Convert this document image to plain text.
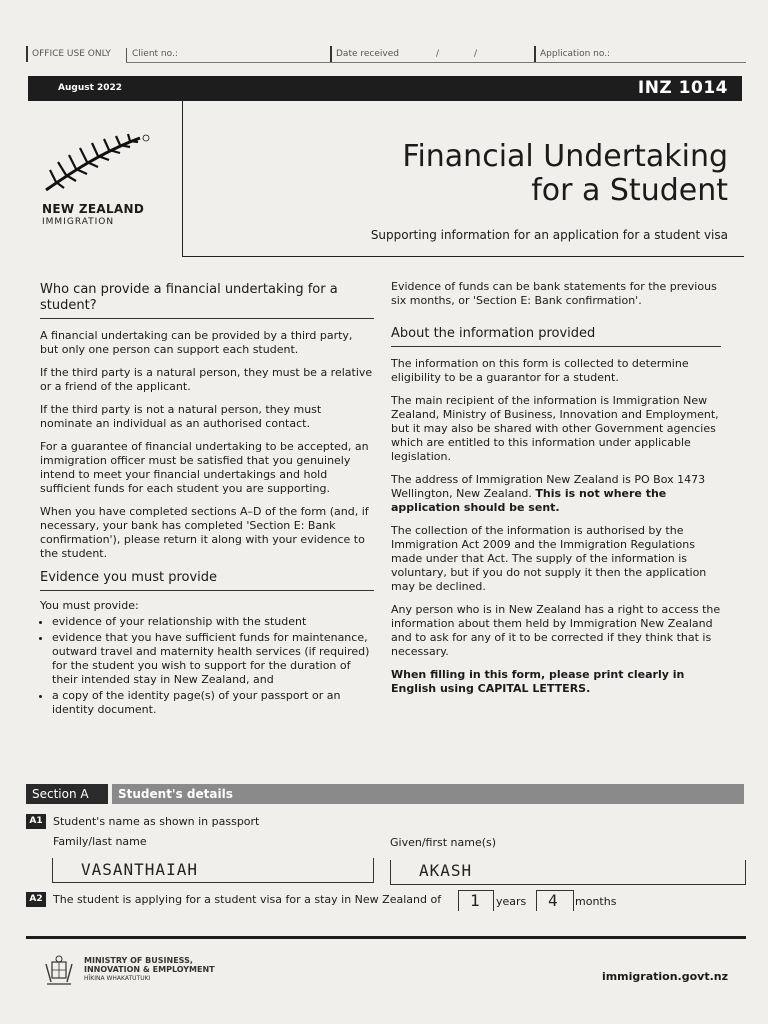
OFFICE USE ONLY Client no.:	Date received	/	/	Application no.:
August 2022	INZ 1014
NEW ZEALAND
IMMIGRATION
Financial Undertaking
for a Student
Supporting information for an application for a student visa
Who can provide a financial undertaking for a student?

A financial undertaking can be provided by a third party, but only one person can support each student.

If the third party is a natural person, they must be a relative or a friend of the applicant.

If the third party is not a natural person, they must nominate an individual as an authorised contact.

For a guarantee of financial undertaking to be accepted, an immigration officer must be satisfied that you genuinely intend to meet your financial undertakings and hold sufficient funds for each student you are supporting.

When you have completed sections A–D of the form (and, if necessary, your bank has completed 'Section E: Bank confirmation'), please return it along with your evidence to the student.

Evidence you must provide

You must provide:

• evidence of your relationship with the student
• evidence that you have sufficient funds for maintenance, outward travel and maternity health services (if required) for the student you wish to support for the duration of their intended stay in New Zealand, and
• a copy of the identity page(s) of your passport or an identity document.

Evidence of funds can be bank statements for the previous six months, or 'Section E: Bank confirmation'.

About the information provided

The information on this form is collected to determine eligibility to be a guarantor for a student.

The main recipient of the information is Immigration New Zealand, Ministry of Business, Innovation and Employment, but it may also be shared with other Government agencies which are entitled to this information under applicable legislation.

The address of Immigration New Zealand is PO Box 1473 Wellington, New Zealand. This is not where the application should be sent.

The collection of the information is authorised by the Immigration Act 2009 and the Immigration Regulations made under that Act. The supply of the information is voluntary, but if you do not supply it then the application may be declined.

Any person who is in New Zealand has a right to access the information about them held by Immigration New Zealand and to ask for any of it to be corrected if they think that is necessary.

When filling in this form, please print clearly in English using CAPITAL LETTERS.

Section A	Student's details
A1 Student's name as shown in passport
Family/last name	Given/first name(s)
VASANTHAIAH	AKASH
A2 The student is applying for a student visa for a stay in New Zealand of 1 years 4 months
MINISTRY OF BUSINESS,
INNOVATION & EMPLOYMENT
HĪKINA WHAKATUTUKI	immigration.govt.nz
